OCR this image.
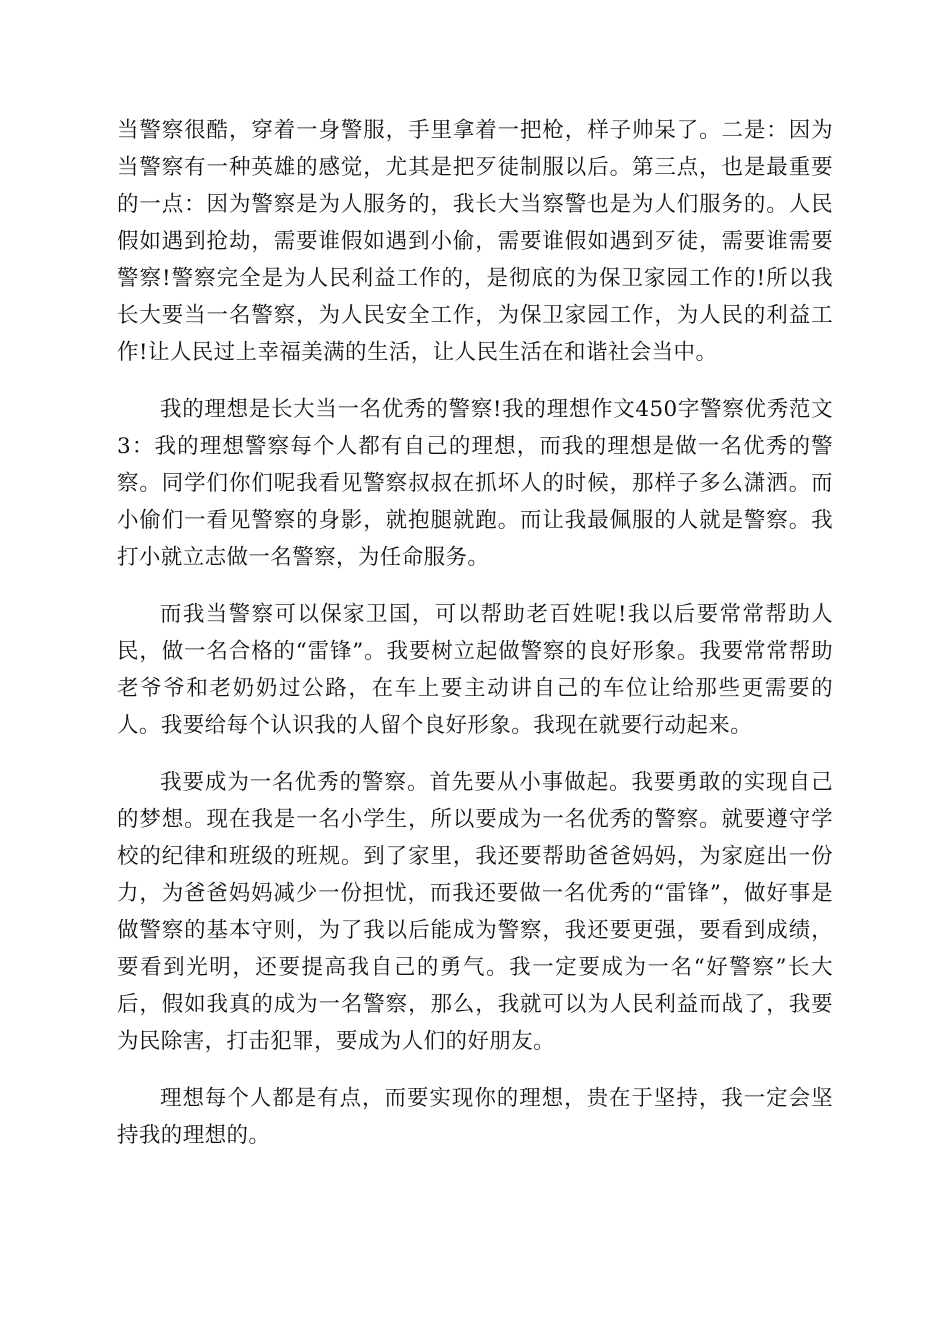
当警察很酷，穿着一身警服，手里拿着一把枪，样子帅呆了。二是：因为当警察有一种英雄的感觉，尤其是把歹徒制服以后。第三点，也是最重要的一点：因为警察是为人服务的，我长大当察警也是为人们服务的。人民假如遇到抢劫，需要谁假如遇到小偷，需要谁假如遇到歹徒，需要谁需要警察!警察完全是为人民利益工作的，是彻底的为保卫家园工作的!所以我长大要当一名警察，为人民安全工作，为保卫家园工作，为人民的利益工作!让人民过上幸福美满的生活，让人民生活在和谐社会当中。

我的理想是长大当一名优秀的警察!我的理想作文450字警察优秀范文3：我的理想警察每个人都有自己的理想，而我的理想是做一名优秀的警察。同学们你们呢我看见警察叔叔在抓坏人的时候，那样子多么潇洒。而小偷们一看见警察的身影，就抱腿就跑。而让我最佩服的人就是警察。我打小就立志做一名警察，为任命服务。

而我当警察可以保家卫国，可以帮助老百姓呢!我以后要常常帮助人民，做一名合格的“雷锋”。我要树立起做警察的良好形象。我要常常帮助老爷爷和老奶奶过公路，在车上要主动讲自己的车位让给那些更需要的人。我要给每个认识我的人留个良好形象。我现在就要行动起来。

我要成为一名优秀的警察。首先要从小事做起。我要勇敢的实现自己的梦想。现在我是一名小学生，所以要成为一名优秀的警察。就要遵守学校的纪律和班级的班规。到了家里，我还要帮助爸爸妈妈，为家庭出一份力，为爸爸妈妈减少一份担忧，而我还要做一名优秀的“雷锋”，做好事是做警察的基本守则，为了我以后能成为警察，我还要更强，要看到成绩，要看到光明，还要提高我自己的勇气。我一定要成为一名“好警察”长大后，假如我真的成为一名警察，那么，我就可以为人民利益而战了，我要为民除害，打击犯罪，要成为人们的好朋友。

理想每个人都是有点，而要实现你的理想，贵在于坚持，我一定会坚持我的理想的。
